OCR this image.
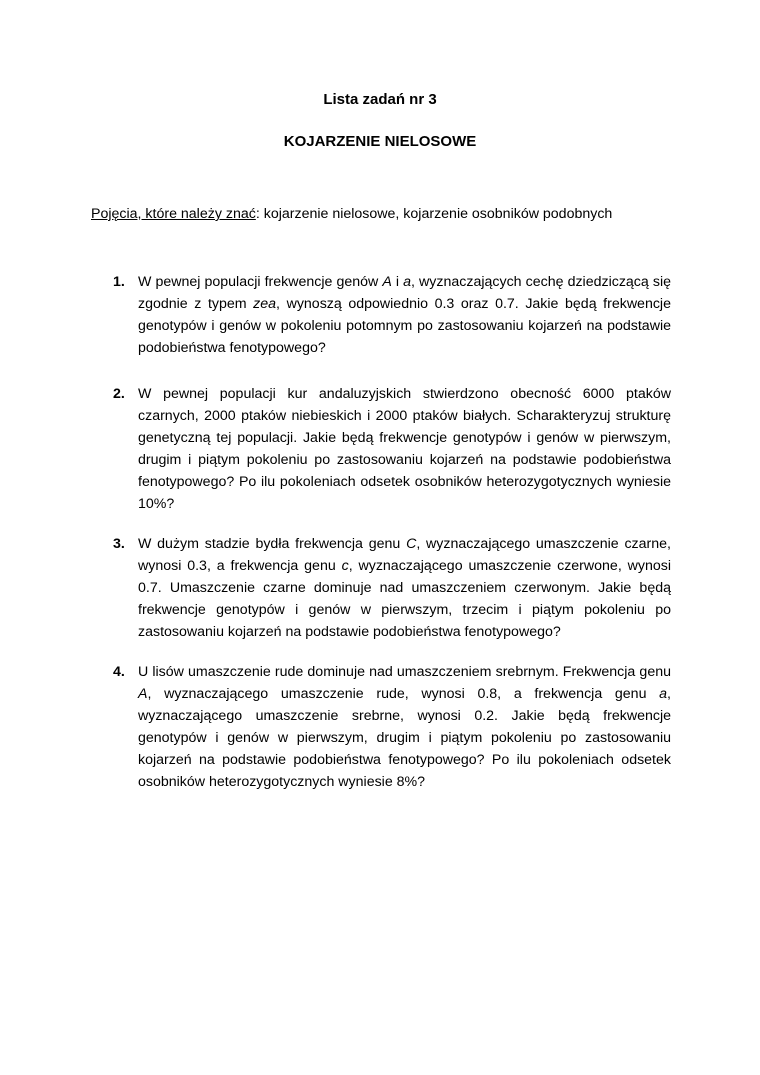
Lista zadań nr 3
KOJARZENIE NIELOSOWE

Pojęcia, które należy znać: kojarzenie nielosowe, kojarzenie osobników podobnych

1. W pewnej populacji frekwencje genów A i a, wyznaczających cechę dziedziczącą się zgodnie z typem zea, wynoszą odpowiednio 0.3 oraz 0.7. Jakie będą frekwencje genotypów i genów w pokoleniu potomnym po zastosowaniu kojarzeń na podstawie podobieństwa fenotypowego?

2. W pewnej populacji kur andaluzyjskich stwierdzono obecność 6000 ptaków czarnych, 2000 ptaków niebieskich i 2000 ptaków białych. Scharakteryzuj strukturę genetyczną tej populacji. Jakie będą frekwencje genotypów i genów w pierwszym, drugim i piątym pokoleniu po zastosowaniu kojarzeń na podstawie podobieństwa fenotypowego? Po ilu pokoleniach odsetek osobników heterozygotycznych wyniesie 10%?

3. W dużym stadzie bydła frekwencja genu C, wyznaczającego umaszczenie czarne, wynosi 0.3, a frekwencja genu c, wyznaczającego umaszczenie czerwone, wynosi 0.7. Umaszczenie czarne dominuje nad umaszczeniem czerwonym. Jakie będą frekwencje genotypów i genów w pierwszym, trzecim i piątym pokoleniu po zastosowaniu kojarzeń na podstawie podobieństwa fenotypowego?

4. U lisów umaszczenie rude dominuje nad umaszczeniem srebrnym. Frekwencja genu A, wyznaczającego umaszczenie rude, wynosi 0.8, a frekwencja genu a, wyznaczającego umaszczenie srebrne, wynosi 0.2. Jakie będą frekwencje genotypów i genów w pierwszym, drugim i piątym pokoleniu po zastosowaniu kojarzeń na podstawie podobieństwa fenotypowego? Po ilu pokoleniach odsetek osobników heterozygotycznych wyniesie 8%?
